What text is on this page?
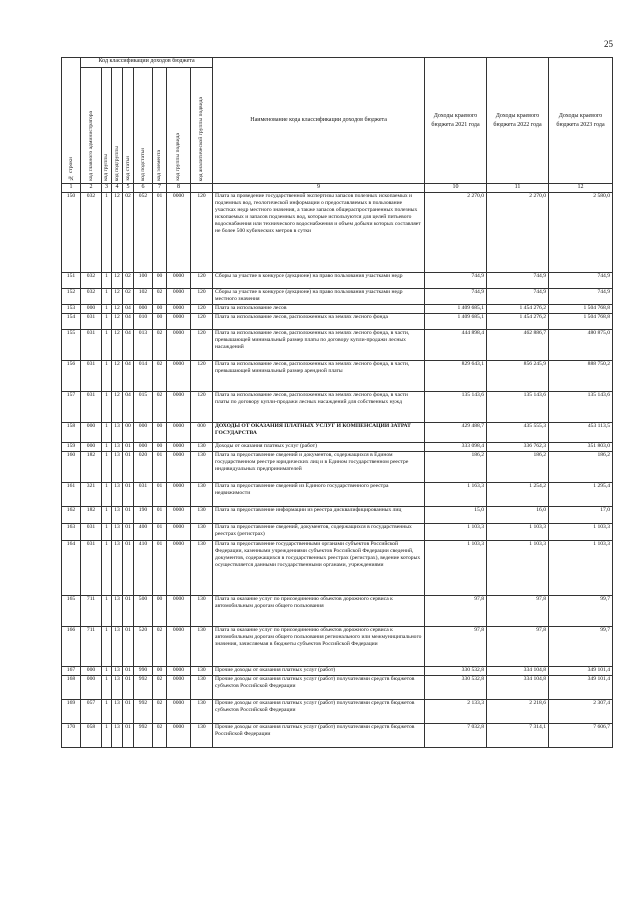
25
№ строки	Код классификации доходов бюджета								Наименование кода классификации доходов бюджета	Доходы краевого бюджета 2021 года	Доходы краевого бюджета 2022 года	Доходы краевого бюджета 2023 года

	код главного администратора	код группы	код подгруппы	код статьи	код подстатьи	код элемента	код группы подвида	код аналитической группы подвида				

1	2	3	4	5	6	7	8		9	10	11	12
150	032	1	12	02	052	01	0000	120	Плата за проведение государственной экспертизы запасов полезных ископаемых и подземных вод, геологической информации о предоставляемых в пользование участках недр местного значения, а также запасов общераспространенных полезных ископаемых и запасов подземных вод, которые используются для целей питьевого водоснабжения или технического водоснабжения и объем добычи которых составляет не более 500 кубических метров в сутки	2 270,0	2 270,0	2 580,0
151	032	1	12	02	100	00	0000	120	Сборы за участие в конкурсе (аукционе) на право пользования участками недр	744,9	744,9	744,9
152	032	1	12	02	102	02	0000	120	Сборы за участие в конкурсе (аукционе) на право пользования участками недр местного значения	744,9	744,9	744,9
153	000	1	12	04	000	00	0000	120	Плата за использование лесов	1 409 685,1	1 454 276,2	1 504 768,8
154	031	1	12	04	010	00	0000	120	Плата за использование лесов, расположенных на землях лесного фонда	1 409 685,1	1 454 276,2	1 504 768,8
155	031	1	12	04	013	02	0000	120	Плата за использование лесов, расположенных на землях лесного фонда, в части, превышающей минимальный размер платы по договору купли-продажи лесных насаждений	444 898,4	462 886,7	480 875,0
156	031	1	12	04	014	02	0000	120	Плата за использование лесов, расположенных на землях лесного фонда, в части, превышающей минимальный размер арендной платы	829 643,1	856 245,9	888 750,2
157	031	1	12	04	015	02	0000	120	Плата за использование лесов, расположенных на землях лесного фонда, в части платы по договору купли-продажи лесных насаждений для собственных нужд	135 143,6	135 143,6	135 143,6
158	000	1	13	00	000	00	0000	000	ДОХОДЫ ОТ ОКАЗАНИЯ ПЛАТНЫХ УСЛУГ И КОМПЕНСАЦИИ ЗАТРАТ ГОСУДАРСТВА	429 488,7	435 555,3	453 113,5
159	000	1	13	01	000	00	0000	130	Доходы от оказания платных услуг (работ)	333 098,4	336 762,3	351 803,0
160	182	1	13	01	020	01	0000	130	Плата за предоставление сведений и документов, содержащихся в Едином государственном реестре юридических лиц и в Едином государственном реестре индивидуальных предпринимателей	186,2	186,2	186,2
161	321	1	13	01	031	01	0000	130	Плата за предоставление сведений из Единого государственного реестра недвижимости	1 163,3	1 254,2	1 295,4
162	182	1	13	01	190	01	0000	130	Плата за предоставление информации из реестра дисквалифицированных лиц	15,0	16,0	17,0
163	031	1	13	01	400	01	0000	130	Плата за предоставление сведений, документов, содержащихся в государственных реестрах (регистрах)	1 103,3	1 103,3	1 103,3
164	031	1	13	01	410	01	0000	130	Плата за предоставление государственными органами субъектов Российской Федерации, казенными учреждениями субъектов Российской Федерации сведений, документов, содержащихся в государственных реестрах (регистрах), ведение которых осуществляется данными государственными органами, учреждениями	1 103,3	1 103,3	1 103,3
165	711	1	13	01	500	00	0000	130	Плата за оказание услуг по присоединению объектов дорожного сервиса к автомобильным дорогам общего пользования	97,8	97,8	99,7
166	711	1	13	01	520	02	0000	130	Плата за оказание услуг по присоединению объектов дорожного сервиса к автомобильным дорогам общего пользования регионального или межмуниципального значения, зачисляемая в бюджеты субъектов Российской Федерации	97,8	97,8	99,7
167	000	1	13	01	990	00	0000	130	Прочие доходы от оказания платных услуг (работ)	330 532,8	334 104,8	349 101,4
168	000	1	13	01	992	02	0000	130	Прочие доходы от оказания платных услуг (работ) получателями средств бюджетов субъектов Российской Федерации	330 532,8	334 104,8	349 101,4
169	057	1	13	01	992	02	0000	130	Прочие доходы от оказания платных услуг (работ) получателями средств бюджетов субъектов Российской Федерации	2 133,3	2 218,6	2 307,4
170	058	1	13	01	992	02	0000	130	Прочие доходы от оказания платных услуг (работ) получателями средств бюджетов Российской Федерации	7 032,8	7 314,1	7 606,7
